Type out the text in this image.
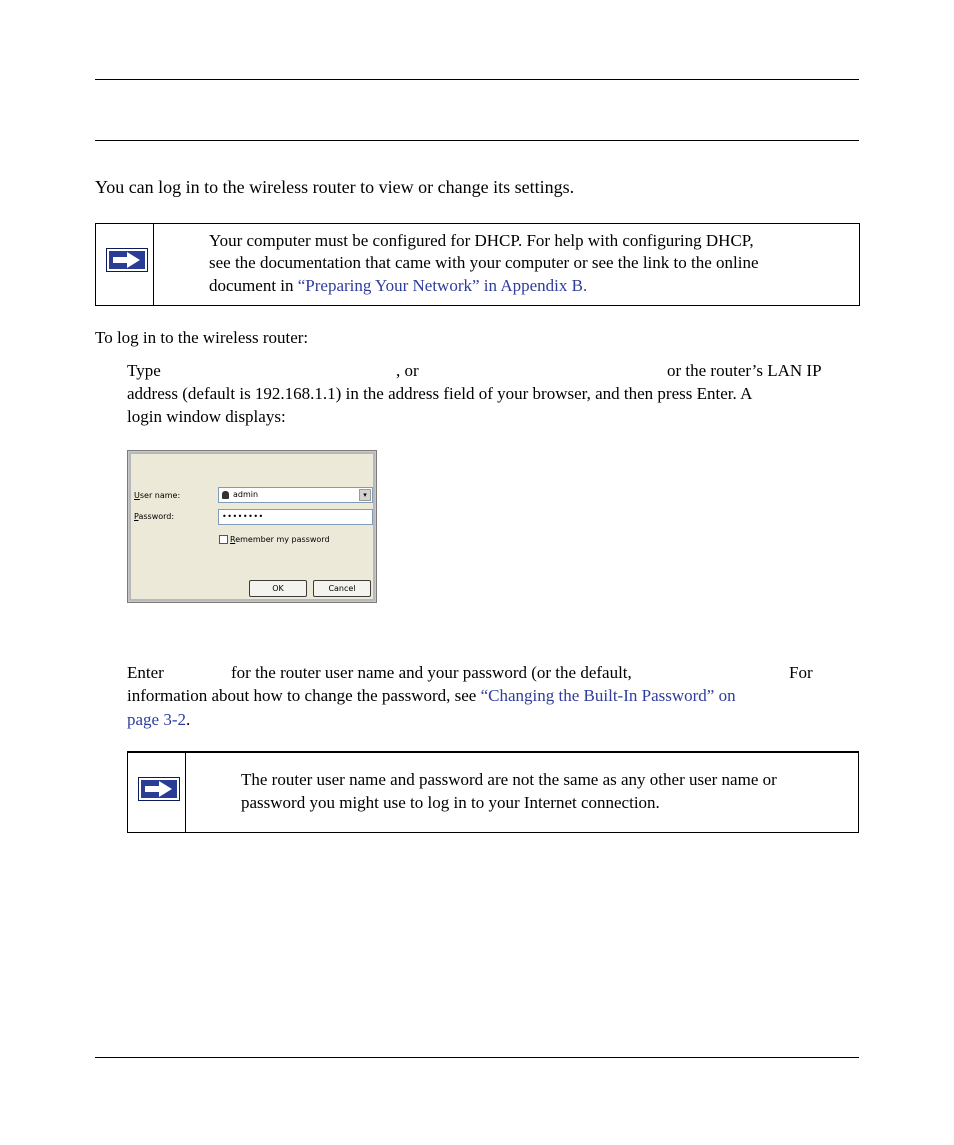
You can log in to the wireless router to view or change its settings.
Your computer must be configured for DHCP. For help with configuring DHCP,
see the documentation that came with your computer or see the link to the online
document in “Preparing Your Network” in Appendix B.
To log in to the wireless router:
Type	, or	or the router’s LAN IP
address (default is 192.168.1.1) in the address field of your browser, and then press Enter. A
login window displays:
User name:	admin	▾
Password:	••••••••
Remember my password
OK	Cancel
Enter	for the router user name and your password (or the default,	For
information about how to change the password, see “Changing the Built-In Password” on
page 3-2.
The router user name and password are not the same as any other user name or
password you might use to log in to your Internet connection.
